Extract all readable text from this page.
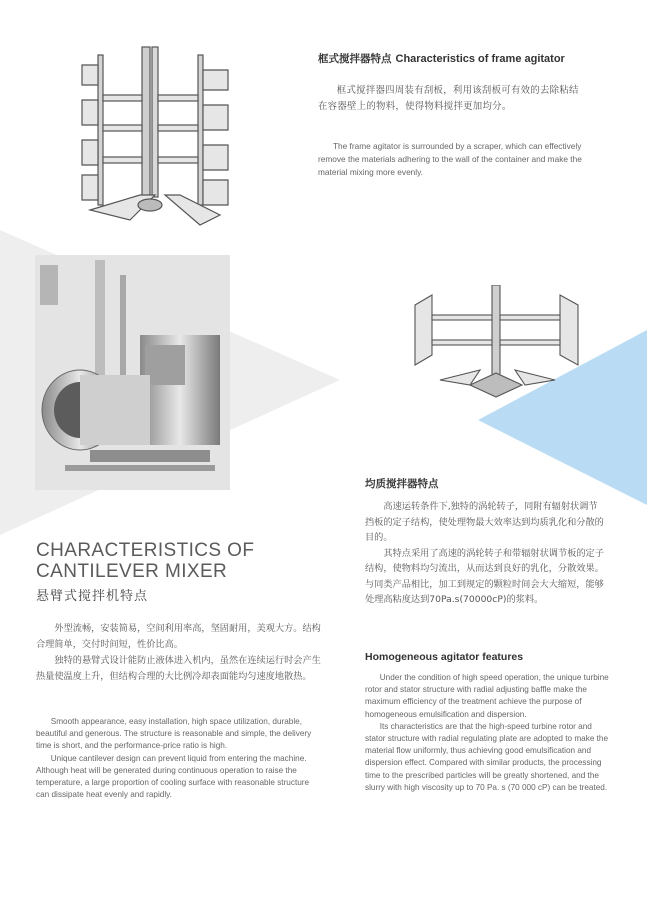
框式搅拌器特点 Characteristics of frame agitator
框式搅拌器四周装有刮板，利用该刮板可有效的去除粘结在容器壁上的物料，使得物料搅拌更加均分。
The frame agitator is surrounded by a scraper, which can effectively remove the materials adhering to the wall of the container and make the material mixing more evenly.
CHARACTERISTICS OF
CANTILEVER MIXER
悬臂式搅拌机特点

外型流畅，安装简易，空间利用率高，坚固耐用，美观大方。结构合理简单，交付时间短，性价比高。

独特的悬臂式设计能防止液体进入机内，虽然在连续运行时会产生热量使温度上升，但结构合理的大比例冷却表面能均匀速度地散热。

Smooth appearance, easy installation, high space utilization, durable, beautiful and generous. The structure is reasonable and simple, the delivery time is short, and the performance-price ratio is high.

Unique cantilever design can prevent liquid from entering the machine. Although heat will be generated during continuous operation to raise the temperature, a large proportion of cooling surface with reasonable structure can dissipate heat evenly and rapidly.

均质搅拌器特点

高速运转条件下,独特的涡轮转子，同附有辐射状调节挡板的定子结构，使处理物最大效率达到均质乳化和分散的目的。

其特点采用了高速的涡轮转子和带辐射状调节板的定子结构，使物料均匀流出，从而达到良好的乳化，分散效果。与同类产品相比，加工到规定的颗粒时间会大大缩短，能够处理高粘度达到70Pa.s(70000cP)的浆料。

Homogeneous agitator features

Under the condition of high speed operation, the unique turbine rotor and stator structure with radial adjusting baffle make the maximum efficiency of the treatment achieve the purpose of homogeneous emulsification and dispersion.

Its characteristics are that the high-speed turbine rotor and stator structure with radial regulating plate are adopted to make the material flow uniformly, thus achieving good emulsification and dispersion effect. Compared with similar products, the processing time to the prescribed particles will be greatly shortened, and the slurry with high viscosity up to 70 Pa. s (70 000 cP) can be treated.
